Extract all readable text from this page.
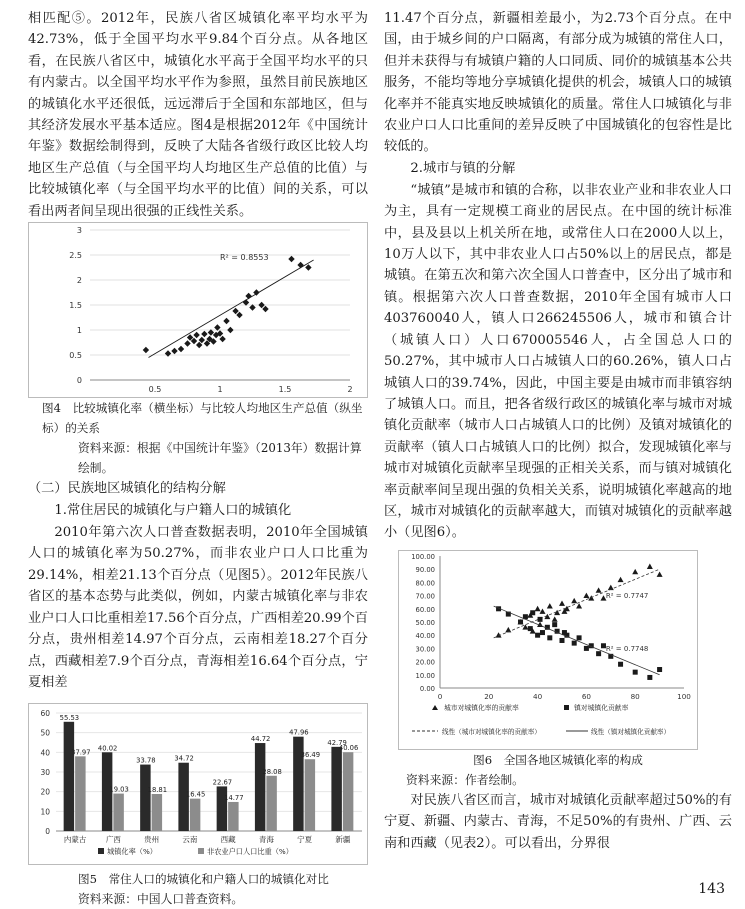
相匹配⑤。2012年，民族八省区城镇化率平均水平为42.73%，低于全国平均水平9.84个百分点。从各地区看，在民族八省区中，城镇化水平高于全国平均水平的只有内蒙古。以全国平均水平作为参照，虽然目前民族地区的城镇化水平还很低，远远滞后于全国和东部地区，但与其经济发展水平基本适应。图4是根据2012年《中国统计年鉴》数据绘制得到，反映了大陆各省级行政区比较人均地区生产总值（与全国平均人均地区生产总值的比值）与比较城镇化率（与全国平均水平的比值）间的关系，可以看出两者间呈现出很强的正线性关系。

0
0.5
1
1.5
2
2.5
3
0.5	1	1.5	2
R² = 0.8553

图4　比较城镇化率（横坐标）与比较人均地区生产总值（纵坐标）的关系

资料来源：根据《中国统计年鉴》（2013年）数据计算绘制。

（二）民族地区城镇化的结构分解

1.常住居民的城镇化与户籍人口的城镇化

2010年第六次人口普查数据表明，2010年全国城镇人口的城镇化率为50.27%，而非农业户口人口比重为29.14%，相差21.13个百分点（见图5）。2012年民族八省区的基本态势与此类似，例如，内蒙古城镇化率与非农业户口人口比重相差17.56个百分点，广西相差20.99个百分点，贵州相差14.97个百分点，云南相差18.27个百分点，西藏相差7.9个百分点，青海相差16.64个百分点，宁夏相差

0
10
20
30
40
50
60 55.53
37.97
内蒙古
40.02
19.03
广西
33.78
18.81
贵州
34.72
16.45
云南
22.67
14.77
西藏
44.72
28.08
青海
47.96
36.49
宁夏
42.79
40.06
新疆
城镇化率（%）	非农业户口人口比重（%）

图5　常住人口的城镇化和户籍人口的城镇化对比

资料来源：中国人口普查资料。

11.47个百分点，新疆相差最小，为2.73个百分点。在中国，由于城乡间的户口隔离，有部分成为城镇的常住人口，但并未获得与有城镇户籍的人口同质、同价的城镇基本公共服务，不能均等地分享城镇化提供的机会，城镇人口的城镇化率并不能真实地反映城镇化的质量。常住人口城镇化与非农业户口人口比重间的差异反映了中国城镇化的包容性是比较低的。

2.城市与镇的分解

“城镇”是城市和镇的合称，以非农业产业和非农业人口为主，具有一定规模工商业的居民点。在中国的统计标准中，县及县以上机关所在地，或常住人口在2000人以上，10万人以下，其中非农业人口占50%以上的居民点，都是城镇。在第五次和第六次全国人口普查中，区分出了城市和镇。根据第六次人口普查数据，2010年全国有城市人口403760040人，镇人口266245506人，城市和镇合计（城镇人口）人口670005546人，占全国总人口的50.27%，其中城市人口占城镇人口的60.26%，镇人口占城镇人口的39.74%，因此，中国主要是由城市而非镇容纳了城镇人口。而且，把各省级行政区的城镇化率与城市对城镇化贡献率（城市人口占城镇人口的比例）及镇对城镇化的贡献率（镇人口占城镇人口的比例）拟合，发现城镇化率与城市对城镇化贡献率呈现强的正相关关系，而与镇对城镇化率贡献率间呈现出强的负相关关系，说明城镇化率越高的地区，城市对城镇化的贡献率越大，而镇对城镇化的贡献率越小（见图6）。

0.00
10.00
20.00
30.00
40.00
50.00
60.00
70.00
80.00
90.00
100.00
0	20	40	60	80	100
R² = 0.7747
R² = 0.7748
城市对城镇化率的贡献率	镇对城镇化贡献率
线性（城市对城镇化率的贡献率）	线性（镇对城镇化贡献率）

图6　全国各地区城镇化率的构成

资料来源：作者绘制。

对民族八省区而言，城市对城镇化贡献率超过50%的有宁夏、新疆、内蒙古、青海，不足50%的有贵州、广西、云南和西藏（见表2）。可以看出，分界很

143
